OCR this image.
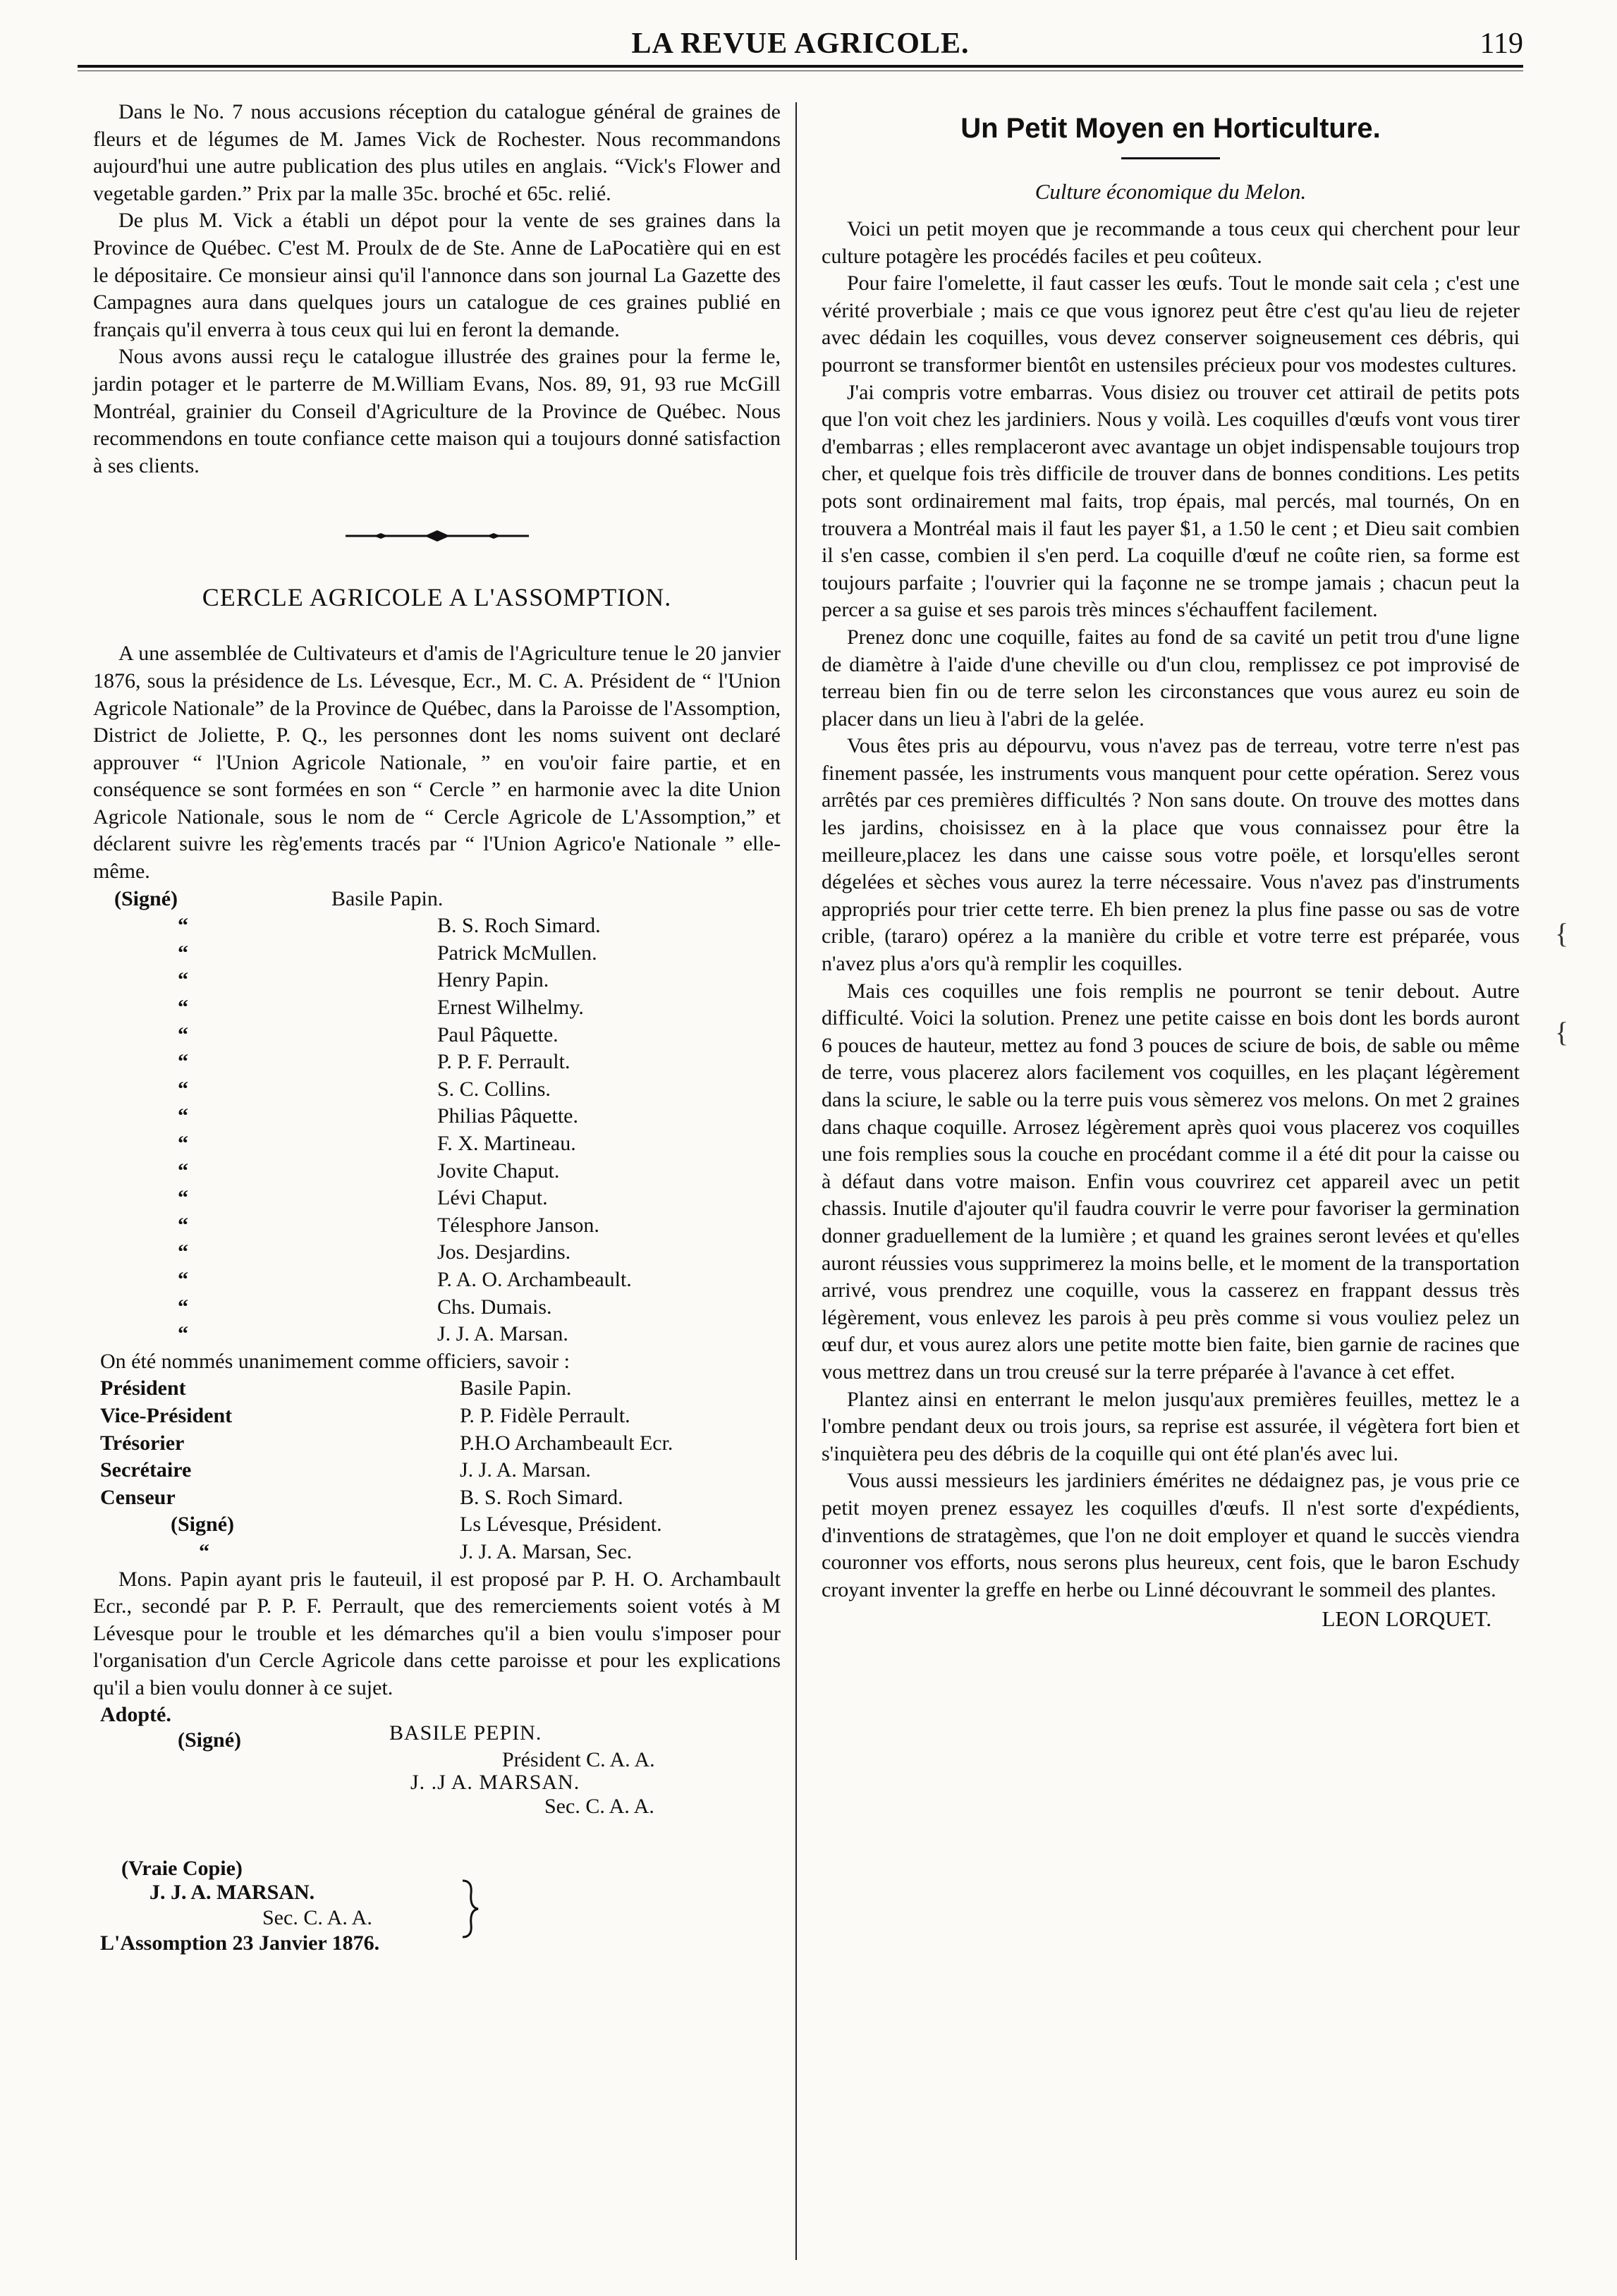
LA REVUE AGRICOLE.	119

Dans le No. 7 nous accusions réception du catalogue général de graines de fleurs et de légumes de M. James Vick de Rochester. Nous recommandons aujourd'hui une autre publication des plus utiles en anglais. “Vick's Flower and vegetable garden.” Prix par la malle 35c. broché et 65c. relié.

De plus M. Vick a établi un dépot pour la vente de ses graines dans la Province de Québec. C'est M. Proulx de de Ste. Anne de LaPocatière qui en est le dépositaire. Ce monsieur ainsi qu'il l'annonce dans son journal La Gazette des Campagnes aura dans quelques jours un catalogue de ces graines publié en français qu'il enverra à tous ceux qui lui en feront la demande.

Nous avons aussi reçu le catalogue illustrée des graines pour la ferme le, jardin potager et le parterre de M.William Evans, Nos. 89, 91, 93 rue McGill Montréal, grainier du Conseil d'Agriculture de la Province de Québec. Nous recommendons en toute confiance cette maison qui a toujours donné satisfaction à ses clients.

CERCLE AGRICOLE A L'ASSOMPTION.

A une assemblée de Cultivateurs et d'amis de l'Agriculture tenue le 20 janvier 1876, sous la présidence de Ls. Lévesque, Ecr., M. C. A. Président de “ l'Union Agricole Nationale” de la Province de Québec, dans la Paroisse de l'Assomption, District de Joliette, P. Q., les personnes dont les noms suivent ont declaré approuver “ l'Union Agricole Nationale, ” en vou'oir faire partie, et en conséquence se sont formées en son “ Cercle ” en harmonie avec la dite Union Agricole Nationale, sous le nom de “ Cercle Agricole de L'Assomption,” et déclarent suivre les règ'ements tracés par “ l'Union Agrico'e Nationale ” elle-même.

(Signé)	Basile Papin.
“	B. S. Roch Simard.
“	Patrick McMullen.
“	Henry Papin.
“	Ernest Wilhelmy.
“	Paul Pâquette.
“	P. P. F. Perrault.
“	S. C. Collins.
“	Philias Pâquette.
“	F. X. Martineau.
“	Jovite Chaput.
“	Lévi Chaput.
“	Télesphore Janson.
“	Jos. Desjardins.
“	P. A. O. Archambeault.
“	Chs. Dumais.
“	J. J. A. Marsan.
On été nommés unanimement comme officiers, savoir :
Président	Basile Papin.
Vice-Président	P. P. Fidèle Perrault.
Trésorier	P.H.O Archambeault Ecr.
Secrétaire	J. J. A. Marsan.
Censeur	B. S. Roch Simard.
(Signé)	Ls Lévesque, Président.
“	J. J. A. Marsan, Sec.

Mons. Papin ayant pris le fauteuil, il est proposé par P. H. O. Archambault Ecr., secondé par P. P. F. Perrault, que des remerciements soient votés à M Lévesque pour le trouble et les démarches qu'il a bien voulu s'imposer pour l'organisation d'un Cercle Agricole dans cette paroisse et pour les explications qu'il a bien voulu donner à ce sujet.

Adopté.
(Signé)	BASILE PEPIN.
Président C. A. A.
J. .J A. MARSAN.
Sec. C. A. A.
(Vraie Copie)
J. J. A. MARSAN.
Sec. C. A. A.
L'Assomption 23 Janvier 1876.
Un Petit Moyen en Horticulture.
Culture économique du Melon.

Voici un petit moyen que je recommande a tous ceux qui cherchent pour leur culture potagère les procédés faciles et peu coûteux.

Pour faire l'omelette, il faut casser les œufs. Tout le monde sait cela ; c'est une vérité proverbiale ; mais ce que vous ignorez peut être c'est qu'au lieu de rejeter avec dédain les coquilles, vous devez conserver soigneusement ces débris, qui pourront se transformer bientôt en ustensiles précieux pour vos modestes cultures.

J'ai compris votre embarras. Vous disiez ou trouver cet attirail de petits pots que l'on voit chez les jardiniers. Nous y voilà. Les coquilles d'œufs vont vous tirer d'embarras ; elles remplaceront avec avantage un objet indispensable toujours trop cher, et quelque fois très difficile de trouver dans de bonnes conditions. Les petits pots sont ordinairement mal faits, trop épais, mal percés, mal tournés, On en trouvera a Montréal mais il faut les payer $1, a 1.50 le cent ; et Dieu sait combien il s'en casse, combien il s'en perd. La coquille d'œuf ne coûte rien, sa forme est toujours parfaite ; l'ouvrier qui la façonne ne se trompe jamais ; chacun peut la percer a sa guise et ses parois très minces s'échauffent facilement.

Prenez donc une coquille, faites au fond de sa cavité un petit trou d'une ligne de diamètre à l'aide d'une cheville ou d'un clou, remplissez ce pot improvisé de terreau bien fin ou de terre selon les circonstances que vous aurez eu soin de placer dans un lieu à l'abri de la gelée.

Vous êtes pris au dépourvu, vous n'avez pas de terreau, votre terre n'est pas finement passée, les instruments vous manquent pour cette opération. Serez vous arrêtés par ces premières difficultés ? Non sans doute. On trouve des mottes dans les jardins, choisissez en à la place que vous connaissez pour être la meilleure,placez les dans une caisse sous votre poële, et lorsqu'elles seront dégelées et sèches vous aurez la terre nécessaire. Vous n'avez pas d'instruments appropriés pour trier cette terre. Eh bien prenez la plus fine passe ou sas de votre crible, (tararo) opérez a la manière du crible et votre terre est préparée, vous n'avez plus a'ors qu'à remplir les coquilles.

Mais ces coquilles une fois remplis ne pourront se tenir debout. Autre difficulté. Voici la solution. Prenez une petite caisse en bois dont les bords auront 6 pouces de hauteur, mettez au fond 3 pouces de sciure de bois, de sable ou même de terre, vous placerez alors facilement vos coquilles, en les plaçant légèrement dans la sciure, le sable ou la terre puis vous sèmerez vos melons. On met 2 graines dans chaque coquille. Arrosez légèrement après quoi vous placerez vos coquilles une fois remplies sous la couche en procédant comme il a été dit pour la caisse ou à défaut dans votre maison. Enfin vous couvrirez cet appareil avec un petit chassis. Inutile d'ajouter qu'il faudra couvrir le verre pour favoriser la germination donner graduellement de la lumière ; et quand les graines seront levées et qu'elles auront réussies vous supprimerez la moins belle, et le moment de la transportation arrivé, vous prendrez une coquille, vous la casserez en frappant dessus très légèrement, vous enlevez les parois à peu près comme si vous vouliez pelez un œuf dur, et vous aurez alors une petite motte bien faite, bien garnie de racines que vous mettrez dans un trou creusé sur la terre préparée à l'avance à cet effet.

Plantez ainsi en enterrant le melon jusqu'aux premières feuilles, mettez le a l'ombre pendant deux ou trois jours, sa reprise est assurée, il végètera fort bien et s'inquiètera peu des débris de la coquille qui ont été plan'és avec lui.

Vous aussi messieurs les jardiniers émérites ne dédaignez pas, je vous prie ce petit moyen prenez essayez les coquilles d'œufs. Il n'est sorte d'expédients, d'inventions de stratagèmes, que l'on ne doit employer et quand le succès viendra couronner vos efforts, nous serons plus heureux, cent fois, que le baron Eschudy croyant inventer la greffe en herbe ou Linné découvrant le sommeil des plantes.

LEON LORQUET.
{
{
